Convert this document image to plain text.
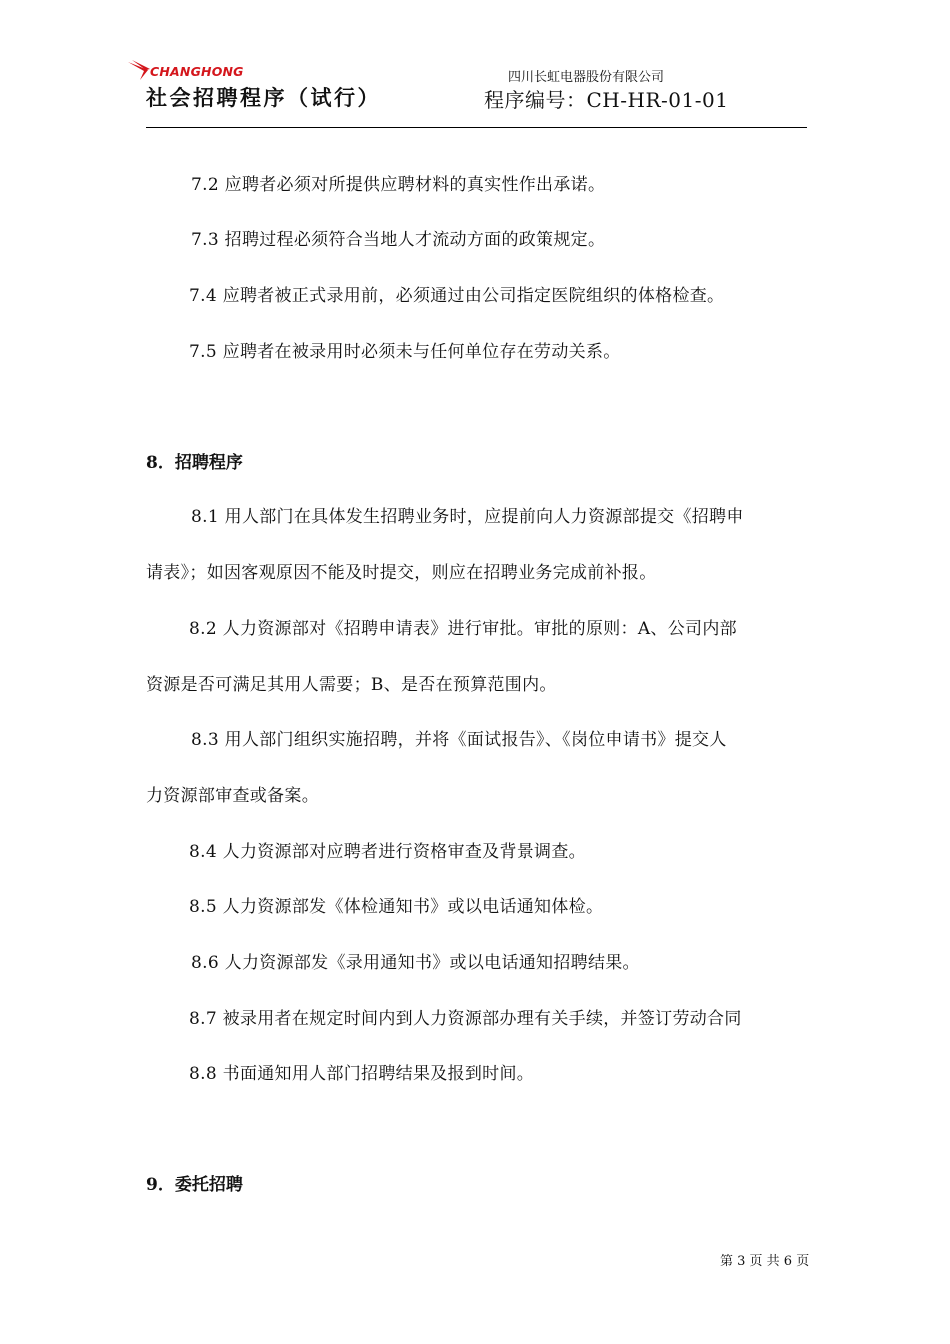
CHANGHONG
社会招聘程序（试行）
四川长虹电器股份有限公司
程序编号：CH-HR-01-01
7.2 应聘者必须对所提供应聘材料的真实性作出承诺。
7.3 招聘过程必须符合当地人才流动方面的政策规定。
7.4 应聘者被正式录用前，必须通过由公司指定医院组织的体格检查。
7.5 应聘者在被录用时必须未与任何单位存在劳动关系。
8．招聘程序
8.1 用人部门在具体发生招聘业务时，应提前向人力资源部提交《招聘申
请表》；如因客观原因不能及时提交，则应在招聘业务完成前补报。
8.2 人力资源部对《招聘申请表》进行审批。审批的原则：A、公司内部
资源是否可满足其用人需要；B、是否在预算范围内。
8.3 用人部门组织实施招聘，并将《面试报告》、《岗位申请书》提交人
力资源部审查或备案。
8.4 人力资源部对应聘者进行资格审查及背景调查。
8.5 人力资源部发《体检通知书》或以电话通知体检。
8.6 人力资源部发《录用通知书》或以电话通知招聘结果。
8.7 被录用者在规定时间内到人力资源部办理有关手续，并签订劳动合同
8.8 书面通知用人部门招聘结果及报到时间。
9．委托招聘
第 3 页 共 6 页
